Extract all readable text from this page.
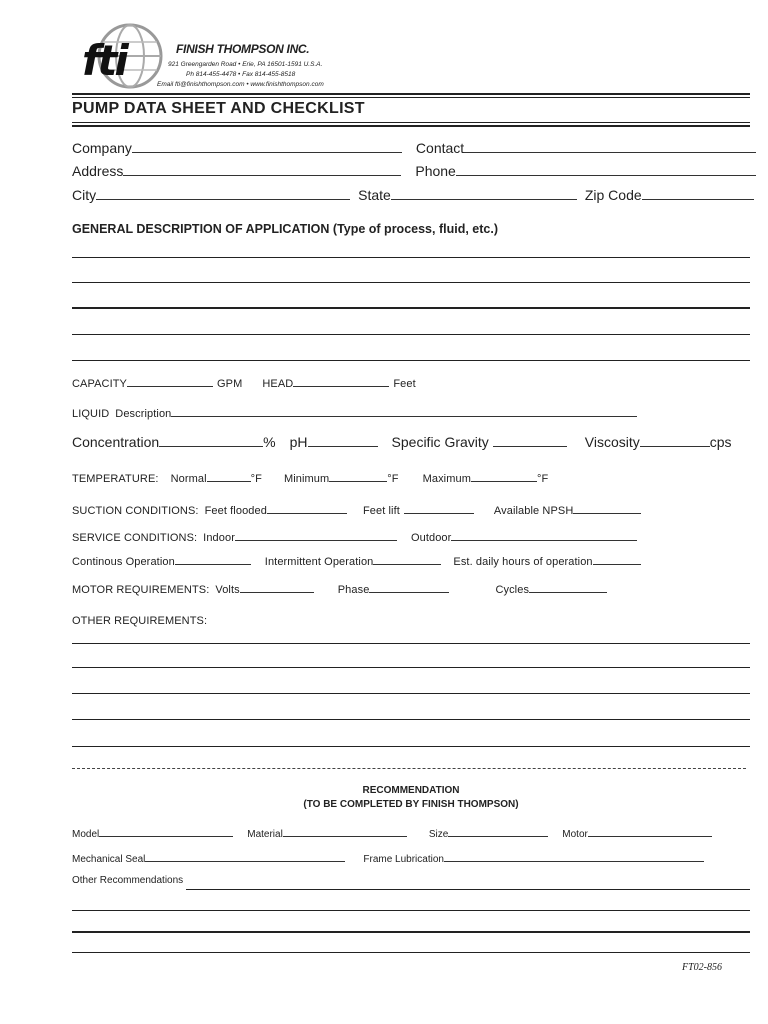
fti	FINISH THOMPSON INC.
921 Greengarden Road • Erie, PA 16501-1591 U.S.A.
Ph 814-455-4478 • Fax 814-455-8518
Email fti@finishthompson.com • www.finishthompson.com
PUMP DATA SHEET AND CHECKLIST
Company	Contact
Address	Phone
City	State	Zip Code
GENERAL DESCRIPTION OF APPLICATION (Type of process, fluid, etc.)
CAPACITY	GPM HEAD	Feet
LIQUID Description
Concentration	% pH	Specific Gravity	Viscosity	cps
TEMPERATURE: Normal	°F Minimum	°F Maximum	°F
SUCTION CONDITIONS: Feet flooded	Feet lift	Available NPSH
SERVICE CONDITIONS: Indoor	Outdoor
Continous Operation	Intermittent Operation	Est. daily hours of operation
MOTOR REQUIREMENTS: Volts	Phase	Cycles
OTHER REQUIREMENTS:
RECOMMENDATION
(TO BE COMPLETED BY FINISH THOMPSON)
Model	Material	Size	Motor
Mechanical Seal	Frame Lubrication
Other Recommendations
FT02-856
